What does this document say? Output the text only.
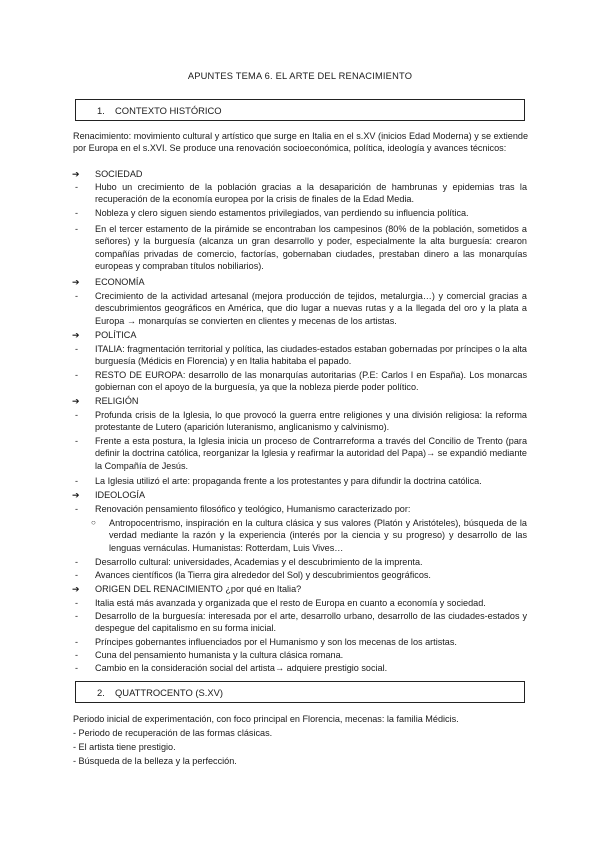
APUNTES TEMA 6. EL ARTE DEL RENACIMIENTO
1. CONTEXTO HISTÓRICO
Renacimiento: movimiento cultural y artístico que surge en Italia en el s.XV (inicios Edad Moderna) y se extiende por Europa en el s.XVI. Se produce una renovación socioeconómica, política, ideología y avances técnicos:
➔ SOCIEDAD
- Hubo un crecimiento de la población gracias a la desaparición de hambrunas y epidemias tras la recuperación de la economía europea por la crisis de finales de la Edad Media.
- Nobleza y clero siguen siendo estamentos privilegiados, van perdiendo su influencia política.
- En el tercer estamento de la pirámide se encontraban los campesinos (80% de la población, sometidos a señores) y la burguesía (alcanza un gran desarrollo y poder, especialmente la alta burguesía: crearon compañías privadas de comercio, factorías, gobernaban ciudades, prestaban dinero a las monarquías europeas y compraban títulos nobiliarios).
➔ ECONOMÍA
- Crecimiento de la actividad artesanal (mejora producción de tejidos, metalurgia…) y comercial gracias a descubrimientos geográficos en América, que dio lugar a nuevas rutas y a la llegada del oro y la plata a Europa → monarquías se convierten en clientes y mecenas de los artistas.
➔ POLÍTICA
- ITALIA: fragmentación territorial y política, las ciudades-estados estaban gobernadas por príncipes o la alta burguesía (Médicis en Florencia) y en Italia habitaba el papado.
- RESTO DE EUROPA: desarrollo de las monarquías autoritarias (P.E: Carlos I en España). Los monarcas gobiernan con el apoyo de la burguesía, ya que la nobleza pierde poder político.
➔ RELIGIÓN
- Profunda crisis de la Iglesia, lo que provocó la guerra entre religiones y una división religiosa: la reforma protestante de Lutero (aparición luteranismo, anglicanismo y calvinismo).
- Frente a esta postura, la Iglesia inicia un proceso de Contrarreforma a través del Concilio de Trento (para definir la doctrina católica, reorganizar la Iglesia y reafirmar la autoridad del Papa)→ se expandió mediante la Compañía de Jesús.
- La Iglesia utilizó el arte: propaganda frente a los protestantes y para difundir la doctrina católica.
➔ IDEOLOGÍA
- Renovación pensamiento filosófico y teológico, Humanismo caracterizado por:
○ Antropocentrismo, inspiración en la cultura clásica y sus valores (Platón y Aristóteles), búsqueda de la verdad mediante la razón y la experiencia (interés por la ciencia y su progreso) y desarrollo de las lenguas vernáculas. Humanistas: Rotterdam, Luis Vives…
- Desarrollo cultural: universidades, Academias y el descubrimiento de la imprenta.
- Avances científicos (la Tierra gira alrededor del Sol) y descubrimientos geográficos.
➔ ORIGEN DEL RENACIMIENTO ¿por qué en Italia?
- Italia está más avanzada y organizada que el resto de Europa en cuanto a economía y sociedad.
- Desarrollo de la burguesía: interesada por el arte, desarrollo urbano, desarrollo de las ciudades-estados y despegue del capitalismo en su forma inicial.
- Príncipes gobernantes influenciados por el Humanismo y son los mecenas de los artistas.
- Cuna del pensamiento humanista y la cultura clásica romana.
- Cambio en la consideración social del artista→ adquiere prestigio social.
2. QUATTROCENTO (S.XV)
Periodo inicial de experimentación, con foco principal en Florencia, mecenas: la familia Médicis.
- Periodo de recuperación de las formas clásicas.
- El artista tiene prestigio.
- Búsqueda de la belleza y la perfección.
